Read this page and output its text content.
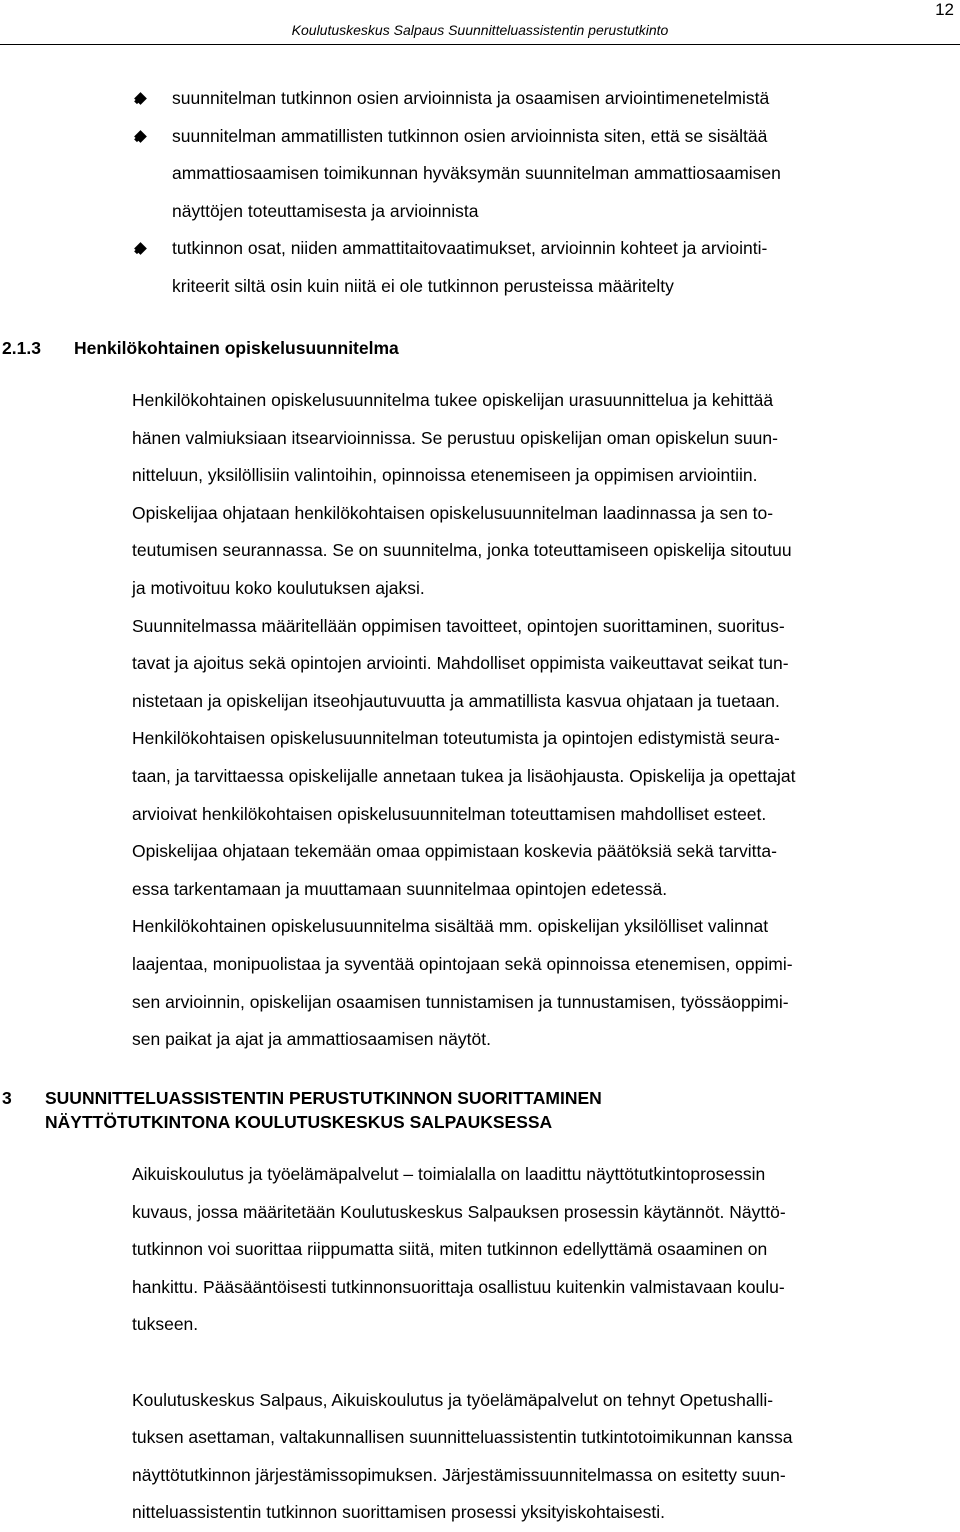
12
Koulutuskeskus Salpaus Suunnitteluassistentin perustutkinto
suunnitelman tutkinnon osien arvioinnista ja osaamisen arviointimenetelmistä
suunnitelman ammatillisten tutkinnon osien arvioinnista siten, että se sisältää
ammattiosaamisen toimikunnan hyväksymän suunnitelman ammattiosaamisen
näyttöjen toteuttamisesta ja arvioinnista
tutkinnon osat, niiden ammattitaitovaatimukset, arvioinnin kohteet ja arviointi-
kriteerit siltä osin kuin niitä ei ole tutkinnon perusteissa määritelty
2.1.3 Henkilökohtainen opiskelusuunnitelma

Henkilökohtainen opiskelusuunnitelma tukee opiskelijan urasuunnittelua ja kehittää
hänen valmiuksiaan itsearvioinnissa. Se perustuu opiskelijan oman opiskelun suun-
nitteluun, yksilöllisiin valintoihin, opinnoissa etenemiseen ja oppimisen arviointiin.
Opiskelijaa ohjataan henkilökohtaisen opiskelusuunnitelman laadinnassa ja sen to-
teutumisen seurannassa. Se on suunnitelma, jonka toteuttamiseen opiskelija sitoutuu
ja motivoituu koko koulutuksen ajaksi.
Suunnitelmassa määritellään oppimisen tavoitteet, opintojen suorittaminen, suoritus-
tavat ja ajoitus sekä opintojen arviointi. Mahdolliset oppimista vaikeuttavat seikat tun-
nistetaan ja opiskelijan itseohjautuvuutta ja ammatillista kasvua ohjataan ja tuetaan.
Henkilökohtaisen opiskelusuunnitelman toteutumista ja opintojen edistymistä seura-
taan, ja tarvittaessa opiskelijalle annetaan tukea ja lisäohjausta. Opiskelija ja opettajat
arvioivat henkilökohtaisen opiskelusuunnitelman toteuttamisen mahdolliset esteet.
Opiskelijaa ohjataan tekemään omaa oppimistaan koskevia päätöksiä sekä tarvitta-
essa tarkentamaan ja muuttamaan suunnitelmaa opintojen edetessä.
Henkilökohtainen opiskelusuunnitelma sisältää mm. opiskelijan yksilölliset valinnat
laajentaa, monipuolistaa ja syventää opintojaan sekä opinnoissa etenemisen, oppimi-
sen arvioinnin, opiskelijan osaamisen tunnistamisen ja tunnustamisen, työssäoppimi-
sen paikat ja ajat ja ammattiosaamisen näytöt.

3 SUUNNITTELUASSISTENTIN PERUSTUTKINNON SUORITTAMINEN
NÄYTTÖTUTKINTONA KOULUTUSKESKUS SALPAUKSESSA

Aikuiskoulutus ja työelämäpalvelut – toimialalla on laadittu näyttötutkintoprosessin
kuvaus, jossa määritetään Koulutuskeskus Salpauksen prosessin käytännöt. Näyttö-
tutkinnon voi suorittaa riippumatta siitä, miten tutkinnon edellyttämä osaaminen on
hankittu. Pääsääntöisesti tutkinnonsuorittaja osallistuu kuitenkin valmistavaan koulu-
tukseen.

Koulutuskeskus Salpaus, Aikuiskoulutus ja työelämäpalvelut on tehnyt Opetushalli-
tuksen asettaman, valtakunnallisen suunnitteluassistentin tutkintotoimikunnan kanssa
näyttötutkinnon järjestämissopimuksen. Järjestämissuunnitelmassa on esitetty suun-
nitteluassistentin tutkinnon suorittamisen prosessi yksityiskohtaisesti.
